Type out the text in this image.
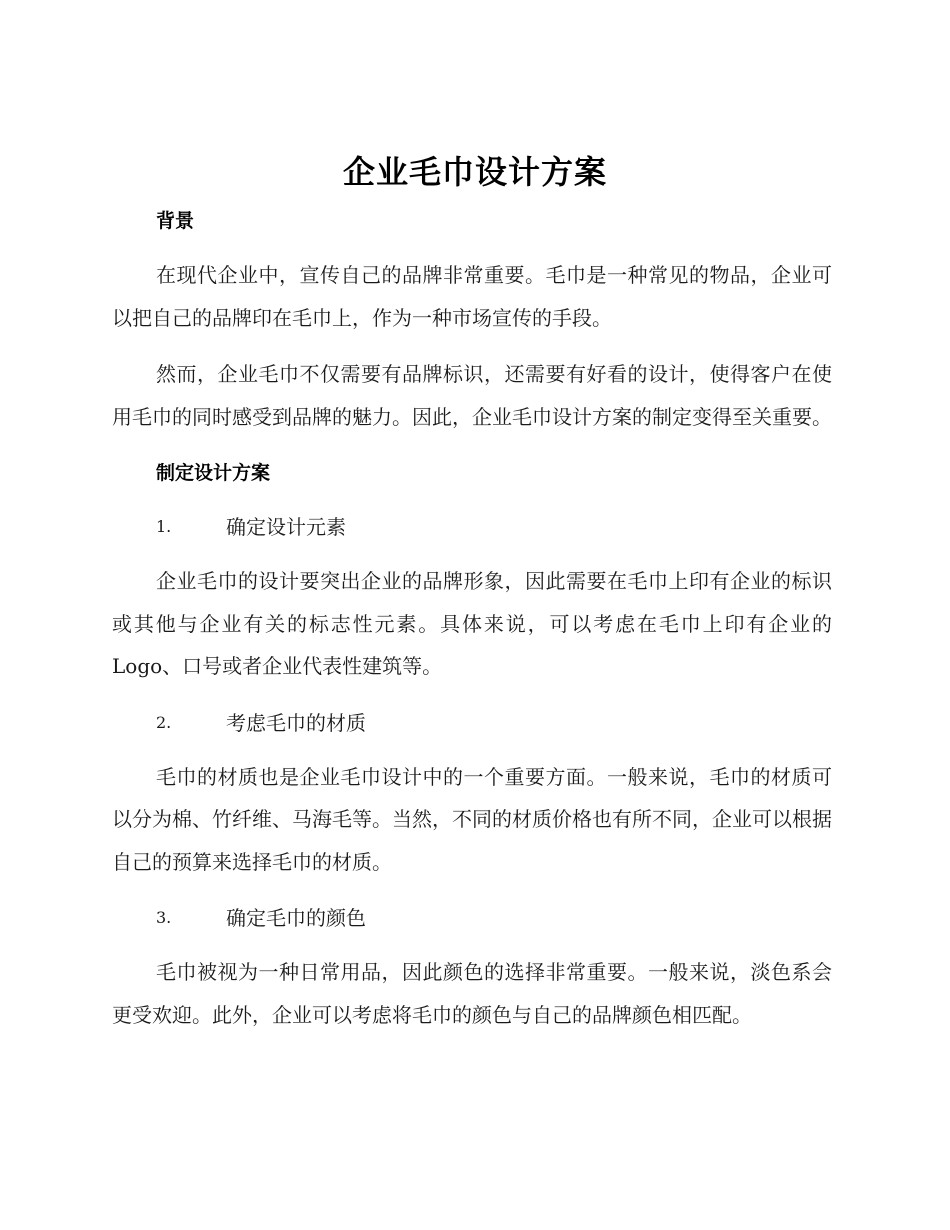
企业毛巾设计方案
背景

在现代企业中，宣传自己的品牌非常重要。毛巾是一种常见的物品，企业可以把自己的品牌印在毛巾上，作为一种市场宣传的手段。

然而，企业毛巾不仅需要有品牌标识，还需要有好看的设计，使得客户在使用毛巾的同时感受到品牌的魅力。因此，企业毛巾设计方案的制定变得至关重要。

制定设计方案
1.	确定设计元素

企业毛巾的设计要突出企业的品牌形象，因此需要在毛巾上印有企业的标识或其他与企业有关的标志性元素。具体来说，可以考虑在毛巾上印有企业的 Logo、口号或者企业代表性建筑等。

2.	考虑毛巾的材质

毛巾的材质也是企业毛巾设计中的一个重要方面。一般来说，毛巾的材质可以分为棉、竹纤维、马海毛等。当然，不同的材质价格也有所不同，企业可以根据自己的预算来选择毛巾的材质。

3.	确定毛巾的颜色

毛巾被视为一种日常用品，因此颜色的选择非常重要。一般来说，淡色系会更受欢迎。此外，企业可以考虑将毛巾的颜色与自己的品牌颜色相匹配。
